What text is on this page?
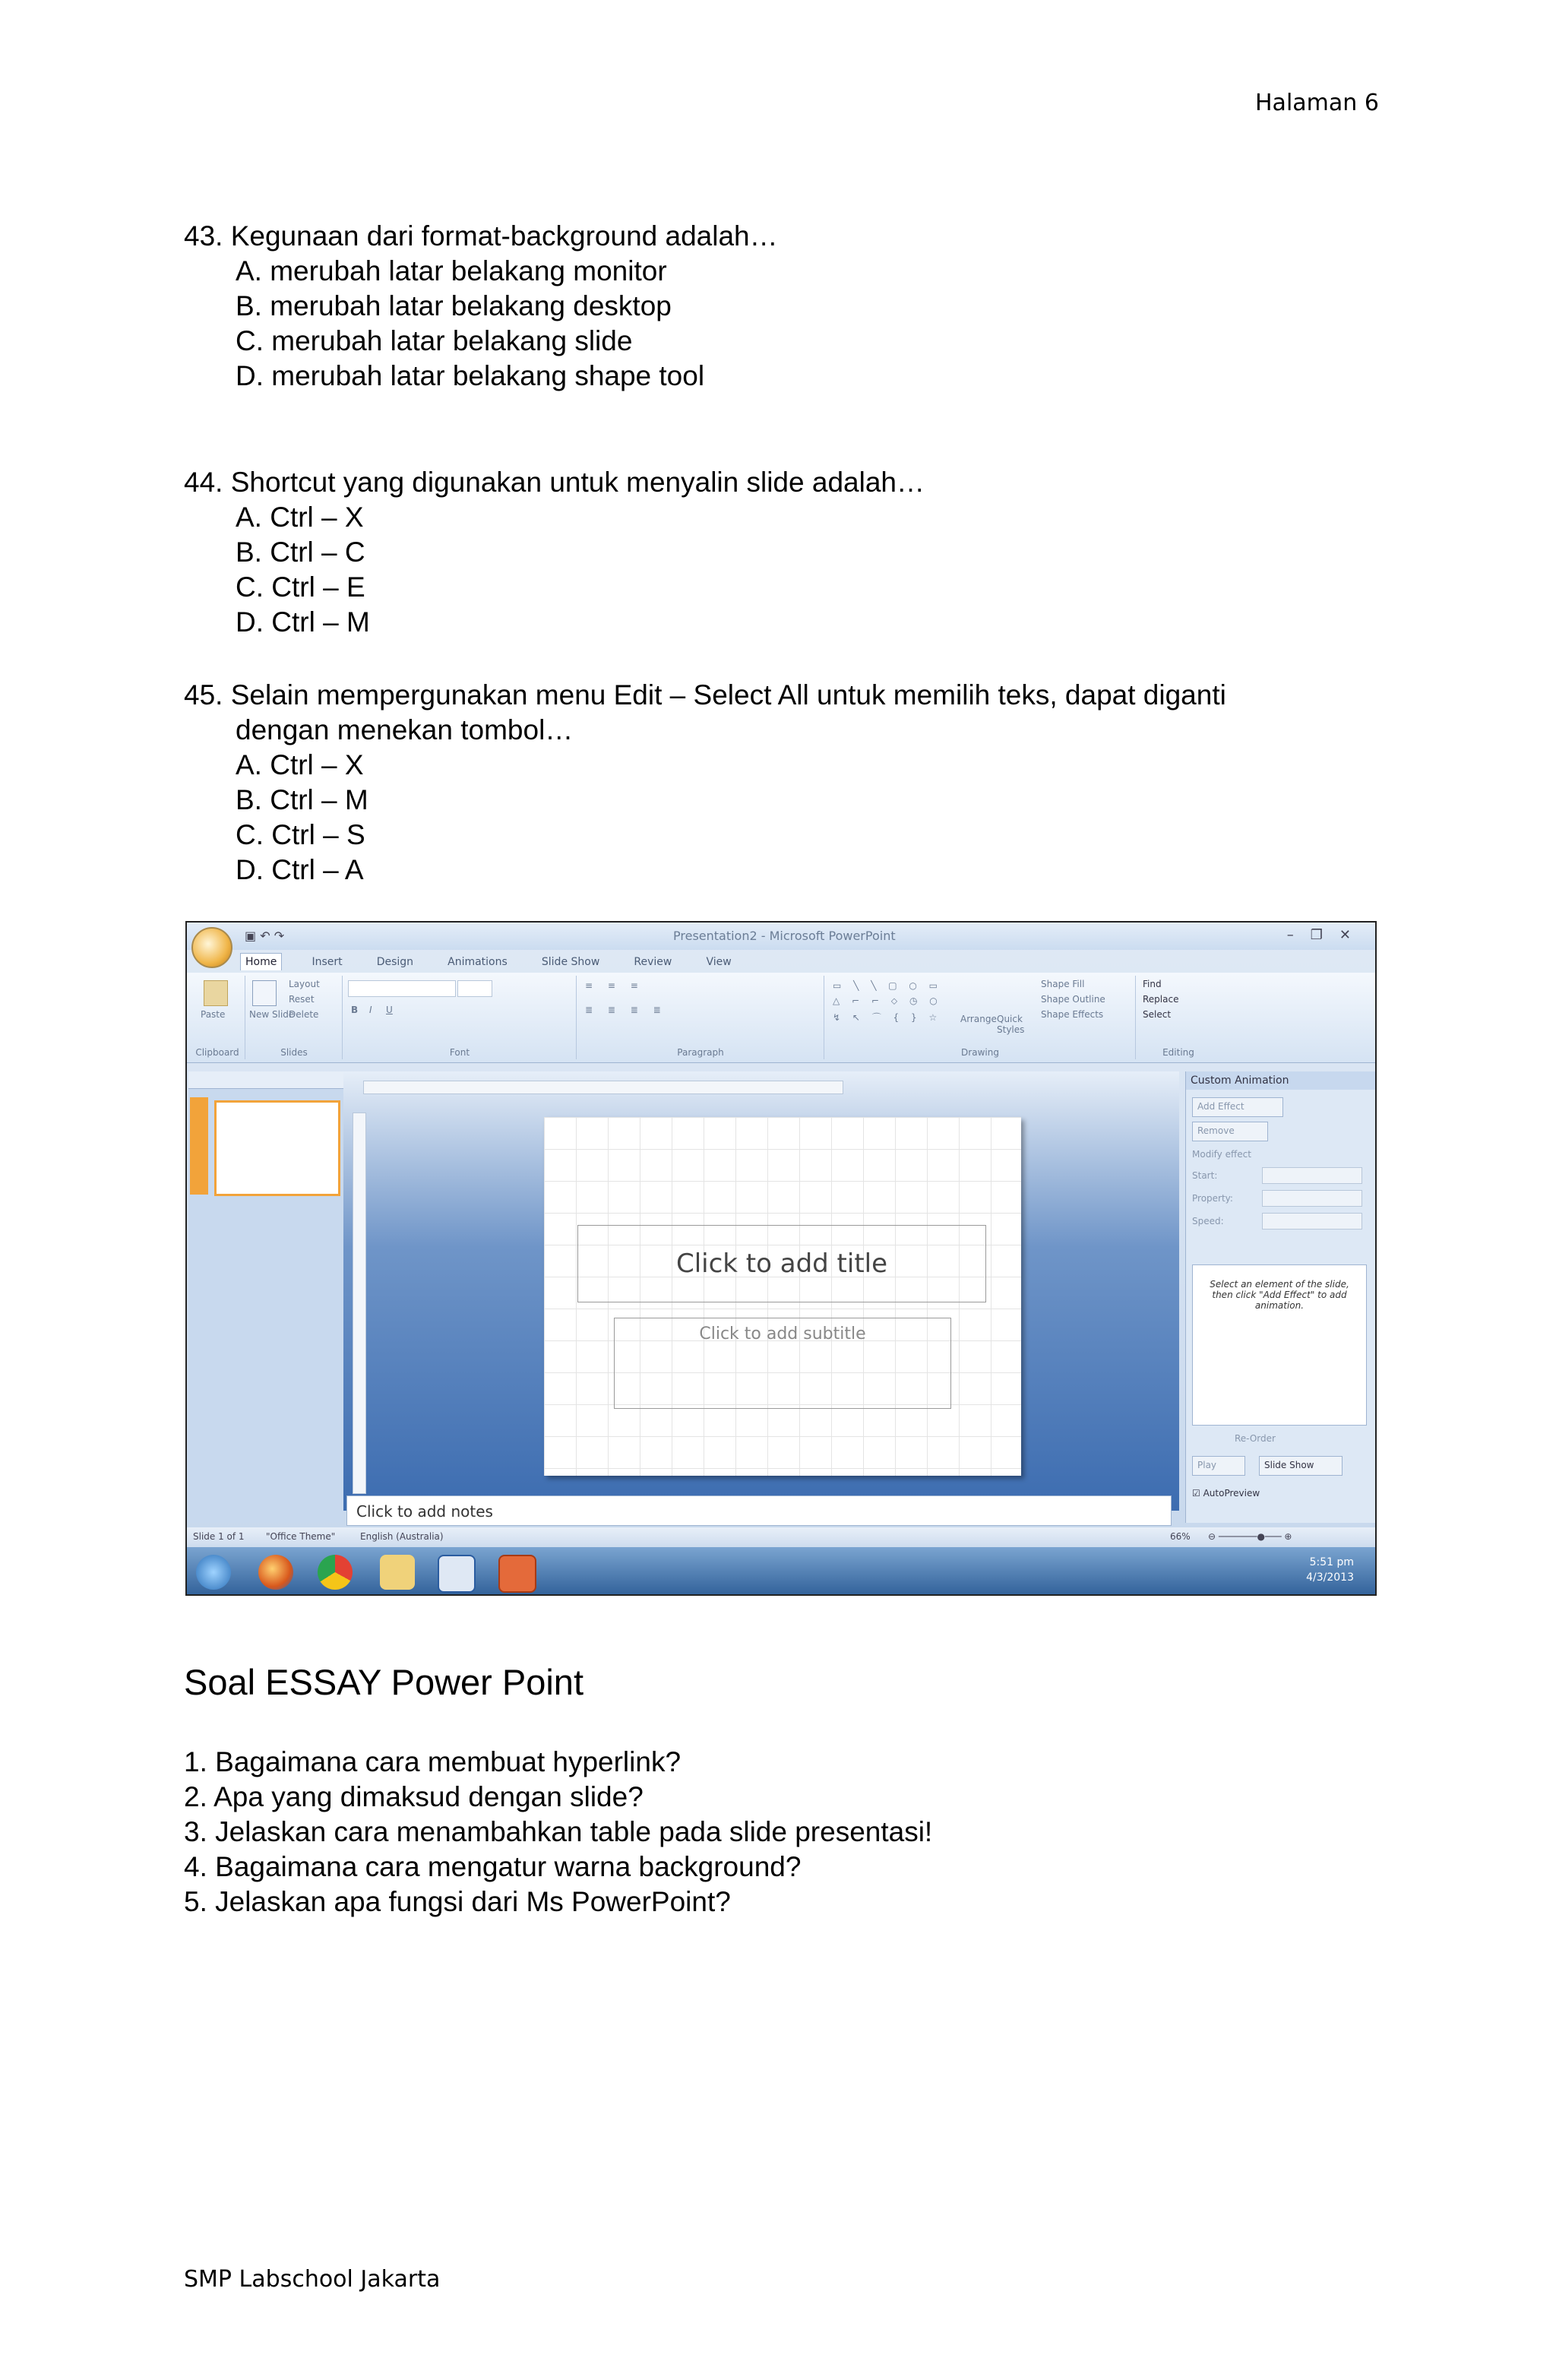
Halaman 6
43. Kegunaan dari format-background adalah…
A. merubah latar belakang monitor
B. merubah latar belakang desktop
C. merubah latar belakang slide
D. merubah latar belakang shape tool
44. Shortcut yang digunakan untuk menyalin slide adalah…
A. Ctrl – X
B. Ctrl – C
C. Ctrl – E
D. Ctrl – M
45. Selain mempergunakan menu Edit – Select All untuk memilih teks, dapat diganti
dengan menekan tombol…
A. Ctrl – X
B. Ctrl – M
C. Ctrl – S
D. Ctrl – A
Presentation2 - Microsoft PowerPoint
▣ ↶ ↷	–❐✕
Home	Insert	Design	Animations	Slide Show	Review	View
Paste
Clipboard
New Slide
Layout
Reset
Delete
Slides
B I U
Font
≡ ≡ ≡
≣ ≣ ≣ ≣
Paragraph
▭ ╲ ╲ ▢ ○ ▭
△ ⌐ ⌐ ⬦ ◷ ○
↯ ↖ ⌒ { } ☆ Arrange Quick Styles
Shape Fill
Shape Outline
Shape Effects
Drawing
Find
Replace
Select
Editing
Click to add title
Click to add subtitle
Click to add notes
Custom Animation
Add Effect
Remove
Modify effect
Start:
Property:
Speed:
Select an element of the slide, then click "Add Effect" to add animation.
Re-Order
Play	Slide Show
☑ AutoPreview
Slide 1 of 1 "Office Theme"	English (Australia)	66% ⊖ ───────●─── ⊕
5:51 pm
4/3/2013
Soal ESSAY Power Point
1. Bagaimana cara membuat hyperlink?
2. Apa yang dimaksud dengan slide?
3. Jelaskan cara menambahkan table pada slide presentasi!
4. Bagaimana cara mengatur warna background?
5. Jelaskan apa fungsi dari Ms PowerPoint?
SMP Labschool Jakarta
